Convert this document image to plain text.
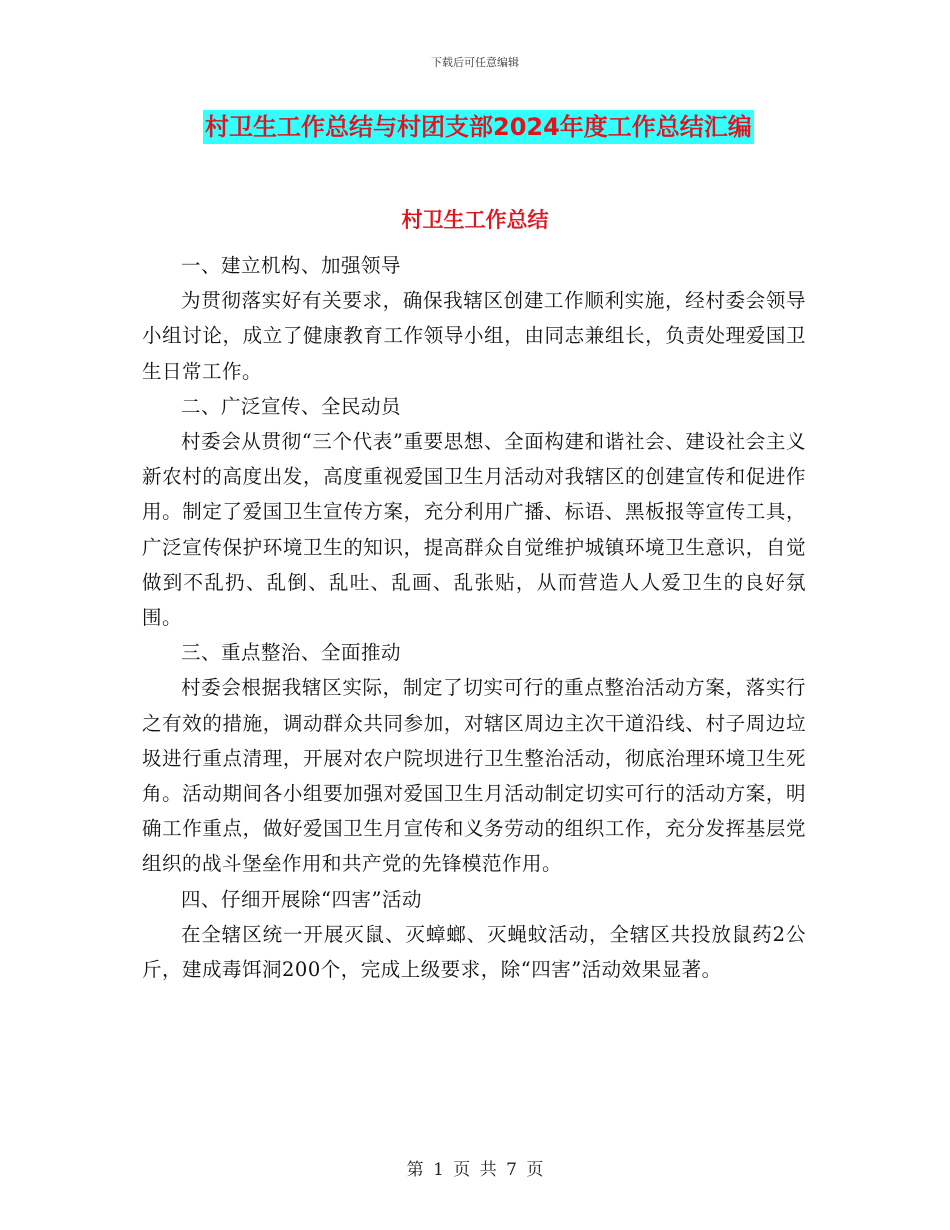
下载后可任意编辑
村卫生工作总结与村团支部2024年度工作总结汇编
村卫生工作总结

一、建立机构、加强领导

为贯彻落实好有关要求，确保我辖区创建工作顺利实施，经村委会领导小组讨论，成立了健康教育工作领导小组，由同志兼组长，负责处理爱国卫生日常工作。

二、广泛宣传、全民动员

村委会从贯彻“三个代表”重要思想、全面构建和谐社会、建设社会主义新农村的高度出发，高度重视爱国卫生月活动对我辖区的创建宣传和促进作用。制定了爱国卫生宣传方案，充分利用广播、标语、黑板报等宣传工具，广泛宣传保护环境卫生的知识，提高群众自觉维护城镇环境卫生意识，自觉做到不乱扔、乱倒、乱吐、乱画、乱张贴，从而营造人人爱卫生的良好氛围。

三、重点整治、全面推动

村委会根据我辖区实际，制定了切实可行的重点整治活动方案，落实行之有效的措施，调动群众共同参加，对辖区周边主次干道沿线、村子周边垃圾进行重点清理，开展对农户院坝进行卫生整治活动，彻底治理环境卫生死角。活动期间各小组要加强对爱国卫生月活动制定切实可行的活动方案，明确工作重点，做好爱国卫生月宣传和义务劳动的组织工作，充分发挥基层党组织的战斗堡垒作用和共产党的先锋模范作用。

四、仔细开展除“四害”活动

在全辖区统一开展灭鼠、灭蟑螂、灭蝇蚊活动，全辖区共投放鼠药2公斤，建成毒饵洞200个，完成上级要求，除“四害”活动效果显著。

第 1 页 共 7 页
